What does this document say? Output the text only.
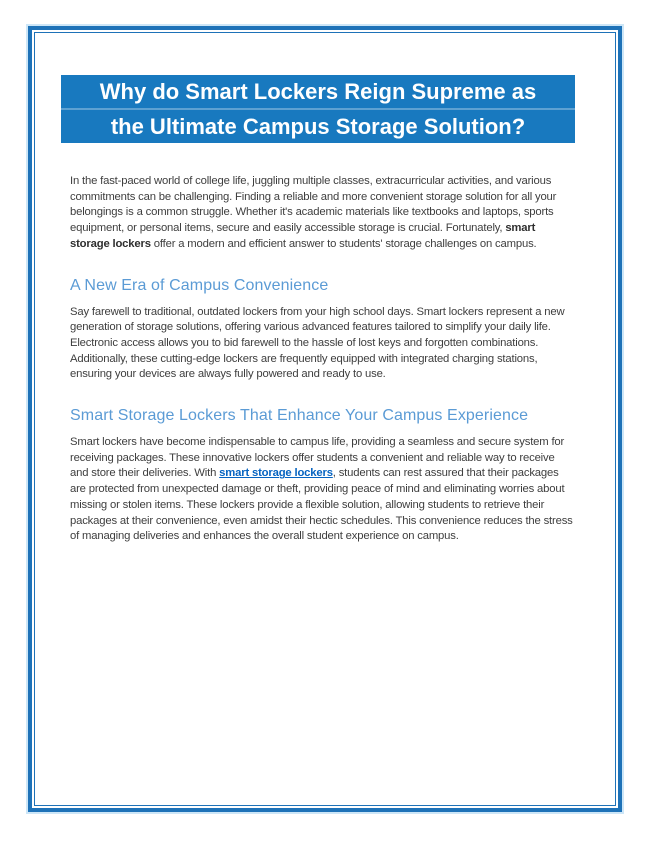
Why do Smart Lockers Reign Supreme as
the Ultimate Campus Storage Solution?

In the fast-paced world of college life, juggling multiple classes, extracurricular activities, and various commitments can be challenging. Finding a reliable and more convenient storage solution for all your belongings is a common struggle. Whether it's academic materials like textbooks and laptops, sports equipment, or personal items, secure and easily accessible storage is crucial. Fortunately, smart storage lockers offer a modern and efficient answer to students' storage challenges on campus.

A New Era of Campus Convenience

Say farewell to traditional, outdated lockers from your high school days. Smart lockers represent a new generation of storage solutions, offering various advanced features tailored to simplify your daily life. Electronic access allows you to bid farewell to the hassle of lost keys and forgotten combinations. Additionally, these cutting-edge lockers are frequently equipped with integrated charging stations, ensuring your devices are always fully powered and ready to use.

Smart Storage Lockers That Enhance Your Campus Experience

Smart lockers have become indispensable to campus life, providing a seamless and secure system for receiving packages. These innovative lockers offer students a convenient and reliable way to receive and store their deliveries. With smart storage lockers, students can rest assured that their packages are protected from unexpected damage or theft, providing peace of mind and eliminating worries about missing or stolen items. These lockers provide a flexible solution, allowing students to retrieve their packages at their convenience, even amidst their hectic schedules. This convenience reduces the stress of managing deliveries and enhances the overall student experience on campus.
